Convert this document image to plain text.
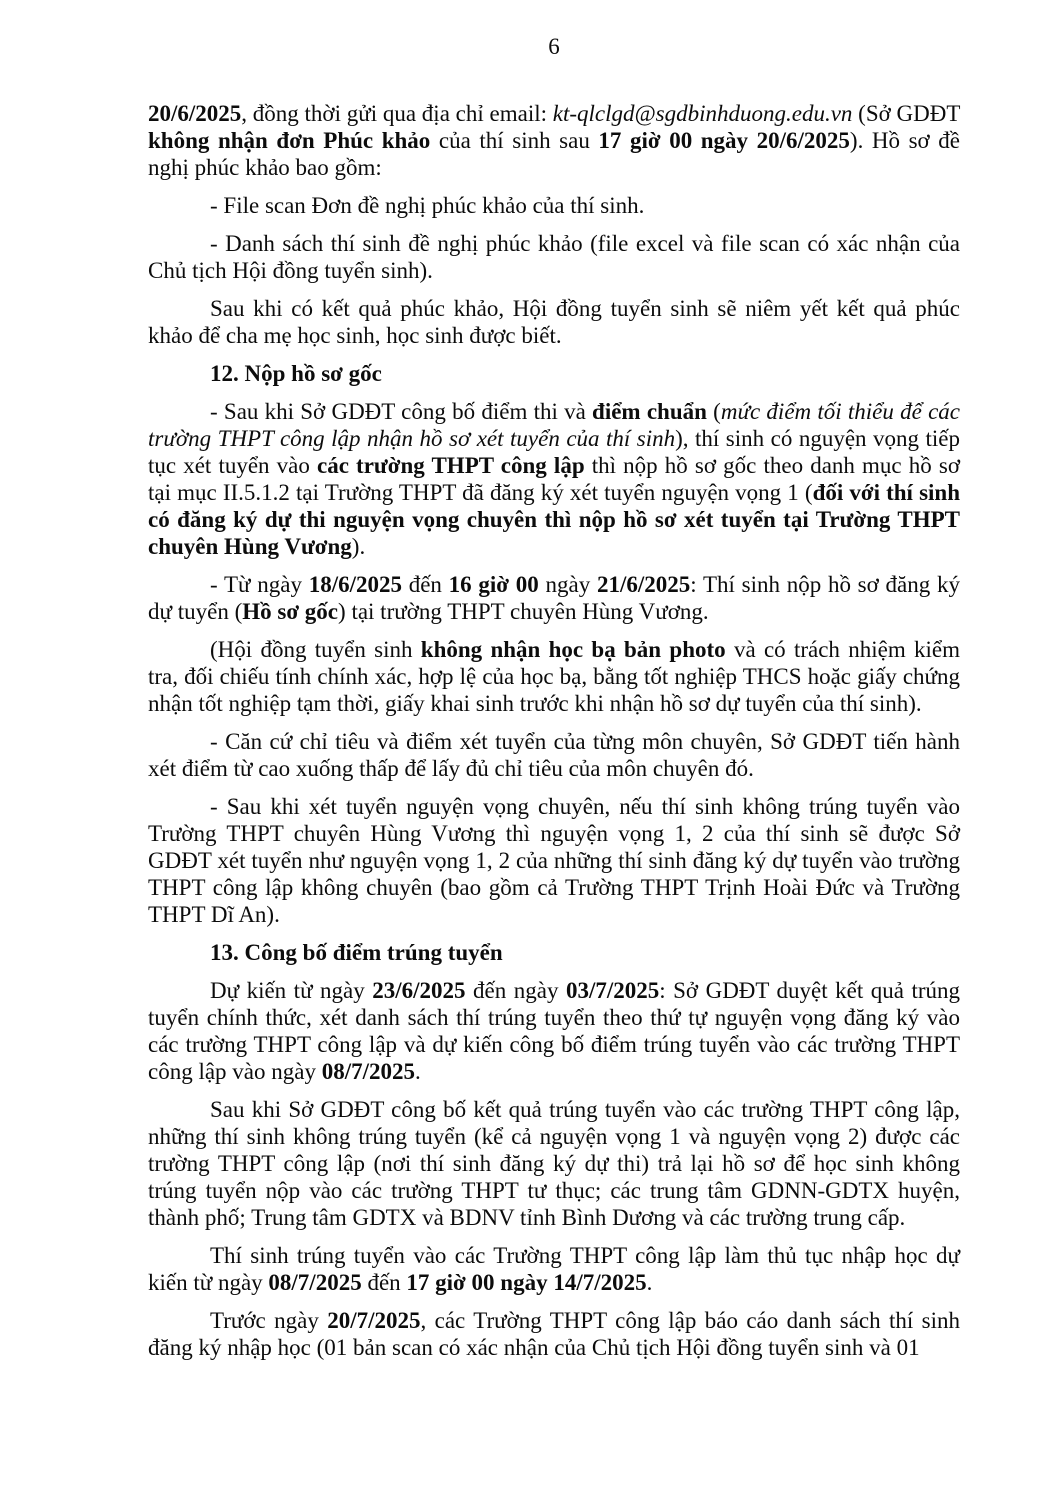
6

20/6/2025, đồng thời gửi qua địa chỉ email: kt-qlclgd@sgdbinhduong.edu.vn (Sở GDĐT không nhận đơn Phúc khảo của thí sinh sau 17 giờ 00 ngày 20/6/2025). Hồ sơ đề nghị phúc khảo bao gồm:

- File scan Đơn đề nghị phúc khảo của thí sinh.

- Danh sách thí sinh đề nghị phúc khảo (file excel và file scan có xác nhận của Chủ tịch Hội đồng tuyển sinh).

Sau khi có kết quả phúc khảo, Hội đồng tuyển sinh sẽ niêm yết kết quả phúc khảo để cha mẹ học sinh, học sinh được biết.

12. Nộp hồ sơ gốc

- Sau khi Sở GDĐT công bố điểm thi và điểm chuẩn (mức điểm tối thiểu để các trường THPT công lập nhận hồ sơ xét tuyển của thí sinh), thí sinh có nguyện vọng tiếp tục xét tuyển vào các trường THPT công lập thì nộp hồ sơ gốc theo danh mục hồ sơ tại mục II.5.1.2 tại Trường THPT đã đăng ký xét tuyển nguyện vọng 1 (đối với thí sinh có đăng ký dự thi nguyện vọng chuyên thì nộp hồ sơ xét tuyển tại Trường THPT chuyên Hùng Vương).

- Từ ngày 18/6/2025 đến 16 giờ 00 ngày 21/6/2025: Thí sinh nộp hồ sơ đăng ký dự tuyển (Hồ sơ gốc) tại trường THPT chuyên Hùng Vương.

(Hội đồng tuyển sinh không nhận học bạ bản photo và có trách nhiệm kiểm tra, đối chiếu tính chính xác, hợp lệ của học bạ, bằng tốt nghiệp THCS hoặc giấy chứng nhận tốt nghiệp tạm thời, giấy khai sinh trước khi nhận hồ sơ dự tuyển của thí sinh).

- Căn cứ chỉ tiêu và điểm xét tuyển của từng môn chuyên, Sở GDĐT tiến hành xét điểm từ cao xuống thấp để lấy đủ chỉ tiêu của môn chuyên đó.

- Sau khi xét tuyển nguyện vọng chuyên, nếu thí sinh không trúng tuyển vào Trường THPT chuyên Hùng Vương thì nguyện vọng 1, 2 của thí sinh sẽ được Sở GDĐT xét tuyển như nguyện vọng 1, 2 của những thí sinh đăng ký dự tuyển vào trường THPT công lập không chuyên (bao gồm cả Trường THPT Trịnh Hoài Đức và Trường THPT Dĩ An).

13. Công bố điểm trúng tuyển

Dự kiến từ ngày 23/6/2025 đến ngày 03/7/2025: Sở GDĐT duyệt kết quả trúng tuyển chính thức, xét danh sách thí trúng tuyển theo thứ tự nguyện vọng đăng ký vào các trường THPT công lập và dự kiến công bố điểm trúng tuyển vào các trường THPT công lập vào ngày 08/7/2025.

Sau khi Sở GDĐT công bố kết quả trúng tuyển vào các trường THPT công lập, những thí sinh không trúng tuyển (kể cả nguyện vọng 1 và nguyện vọng 2) được các trường THPT công lập (nơi thí sinh đăng ký dự thi) trả lại hồ sơ để học sinh không trúng tuyển nộp vào các trường THPT tư thục; các trung tâm GDNN-GDTX huyện, thành phố; Trung tâm GDTX và BDNV tỉnh Bình Dương và các trường trung cấp.

Thí sinh trúng tuyển vào các Trường THPT công lập làm thủ tục nhập học dự kiến từ ngày 08/7/2025 đến 17 giờ 00 ngày 14/7/2025.

Trước ngày 20/7/2025, các Trường THPT công lập báo cáo danh sách thí sinh đăng ký nhập học (01 bản scan có xác nhận của Chủ tịch Hội đồng tuyển sinh và 01
